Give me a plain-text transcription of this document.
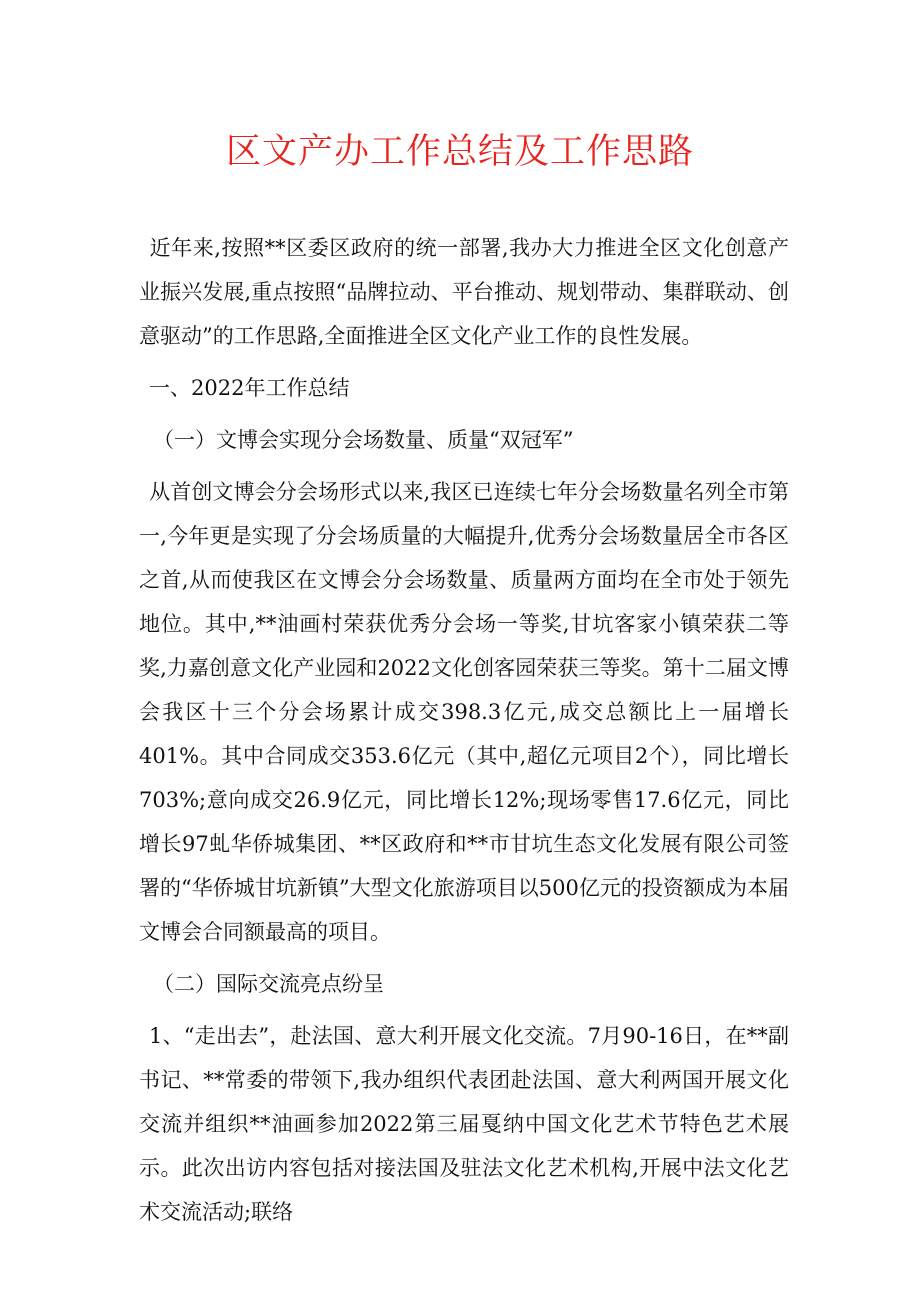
区文产办工作总结及工作思路

近年来,按照**区委区政府的统一部署,我办大力推进全区文化创意产业振兴发展,重点按照“品牌拉动、平台推动、规划带动、集群联动、创意驱动”的工作思路,全面推进全区文化产业工作的良性发展。

一、2022年工作总结

（一）文博会实现分会场数量、质量“双冠军”

从首创文博会分会场形式以来,我区已连续七年分会场数量名列全市第一,今年更是实现了分会场质量的大幅提升,优秀分会场数量居全市各区之首,从而使我区在文博会分会场数量、质量两方面均在全市处于领先地位。其中,**油画村荣获优秀分会场一等奖,甘坑客家小镇荣获二等奖,力嘉创意文化产业园和2022文化创客园荣获三等奖。第十二届文博会我区十三个分会场累计成交398.3亿元,成交总额比上一届增长401%。其中合同成交353.6亿元（其中,超亿元项目2个），同比增长703%;意向成交26.9亿元，同比增长12%;现场零售17.6亿元，同比增长97虬华侨城集团、**区政府和**市甘坑生态文化发展有限公司签署的“华侨城甘坑新镇”大型文化旅游项目以500亿元的投资额成为本届文博会合同额最高的项目。

（二）国际交流亮点纷呈

1、“走出去”，赴法国、意大利开展文化交流。7月90-16日，在**副书记、**常委的带领下,我办组织代表团赴法国、意大利两国开展文化交流并组织**油画参加2022第三届戛纳中国文化艺术节特色艺术展示。此次出访内容包括对接法国及驻法文化艺术机构,开展中法文化艺术交流活动;联络
